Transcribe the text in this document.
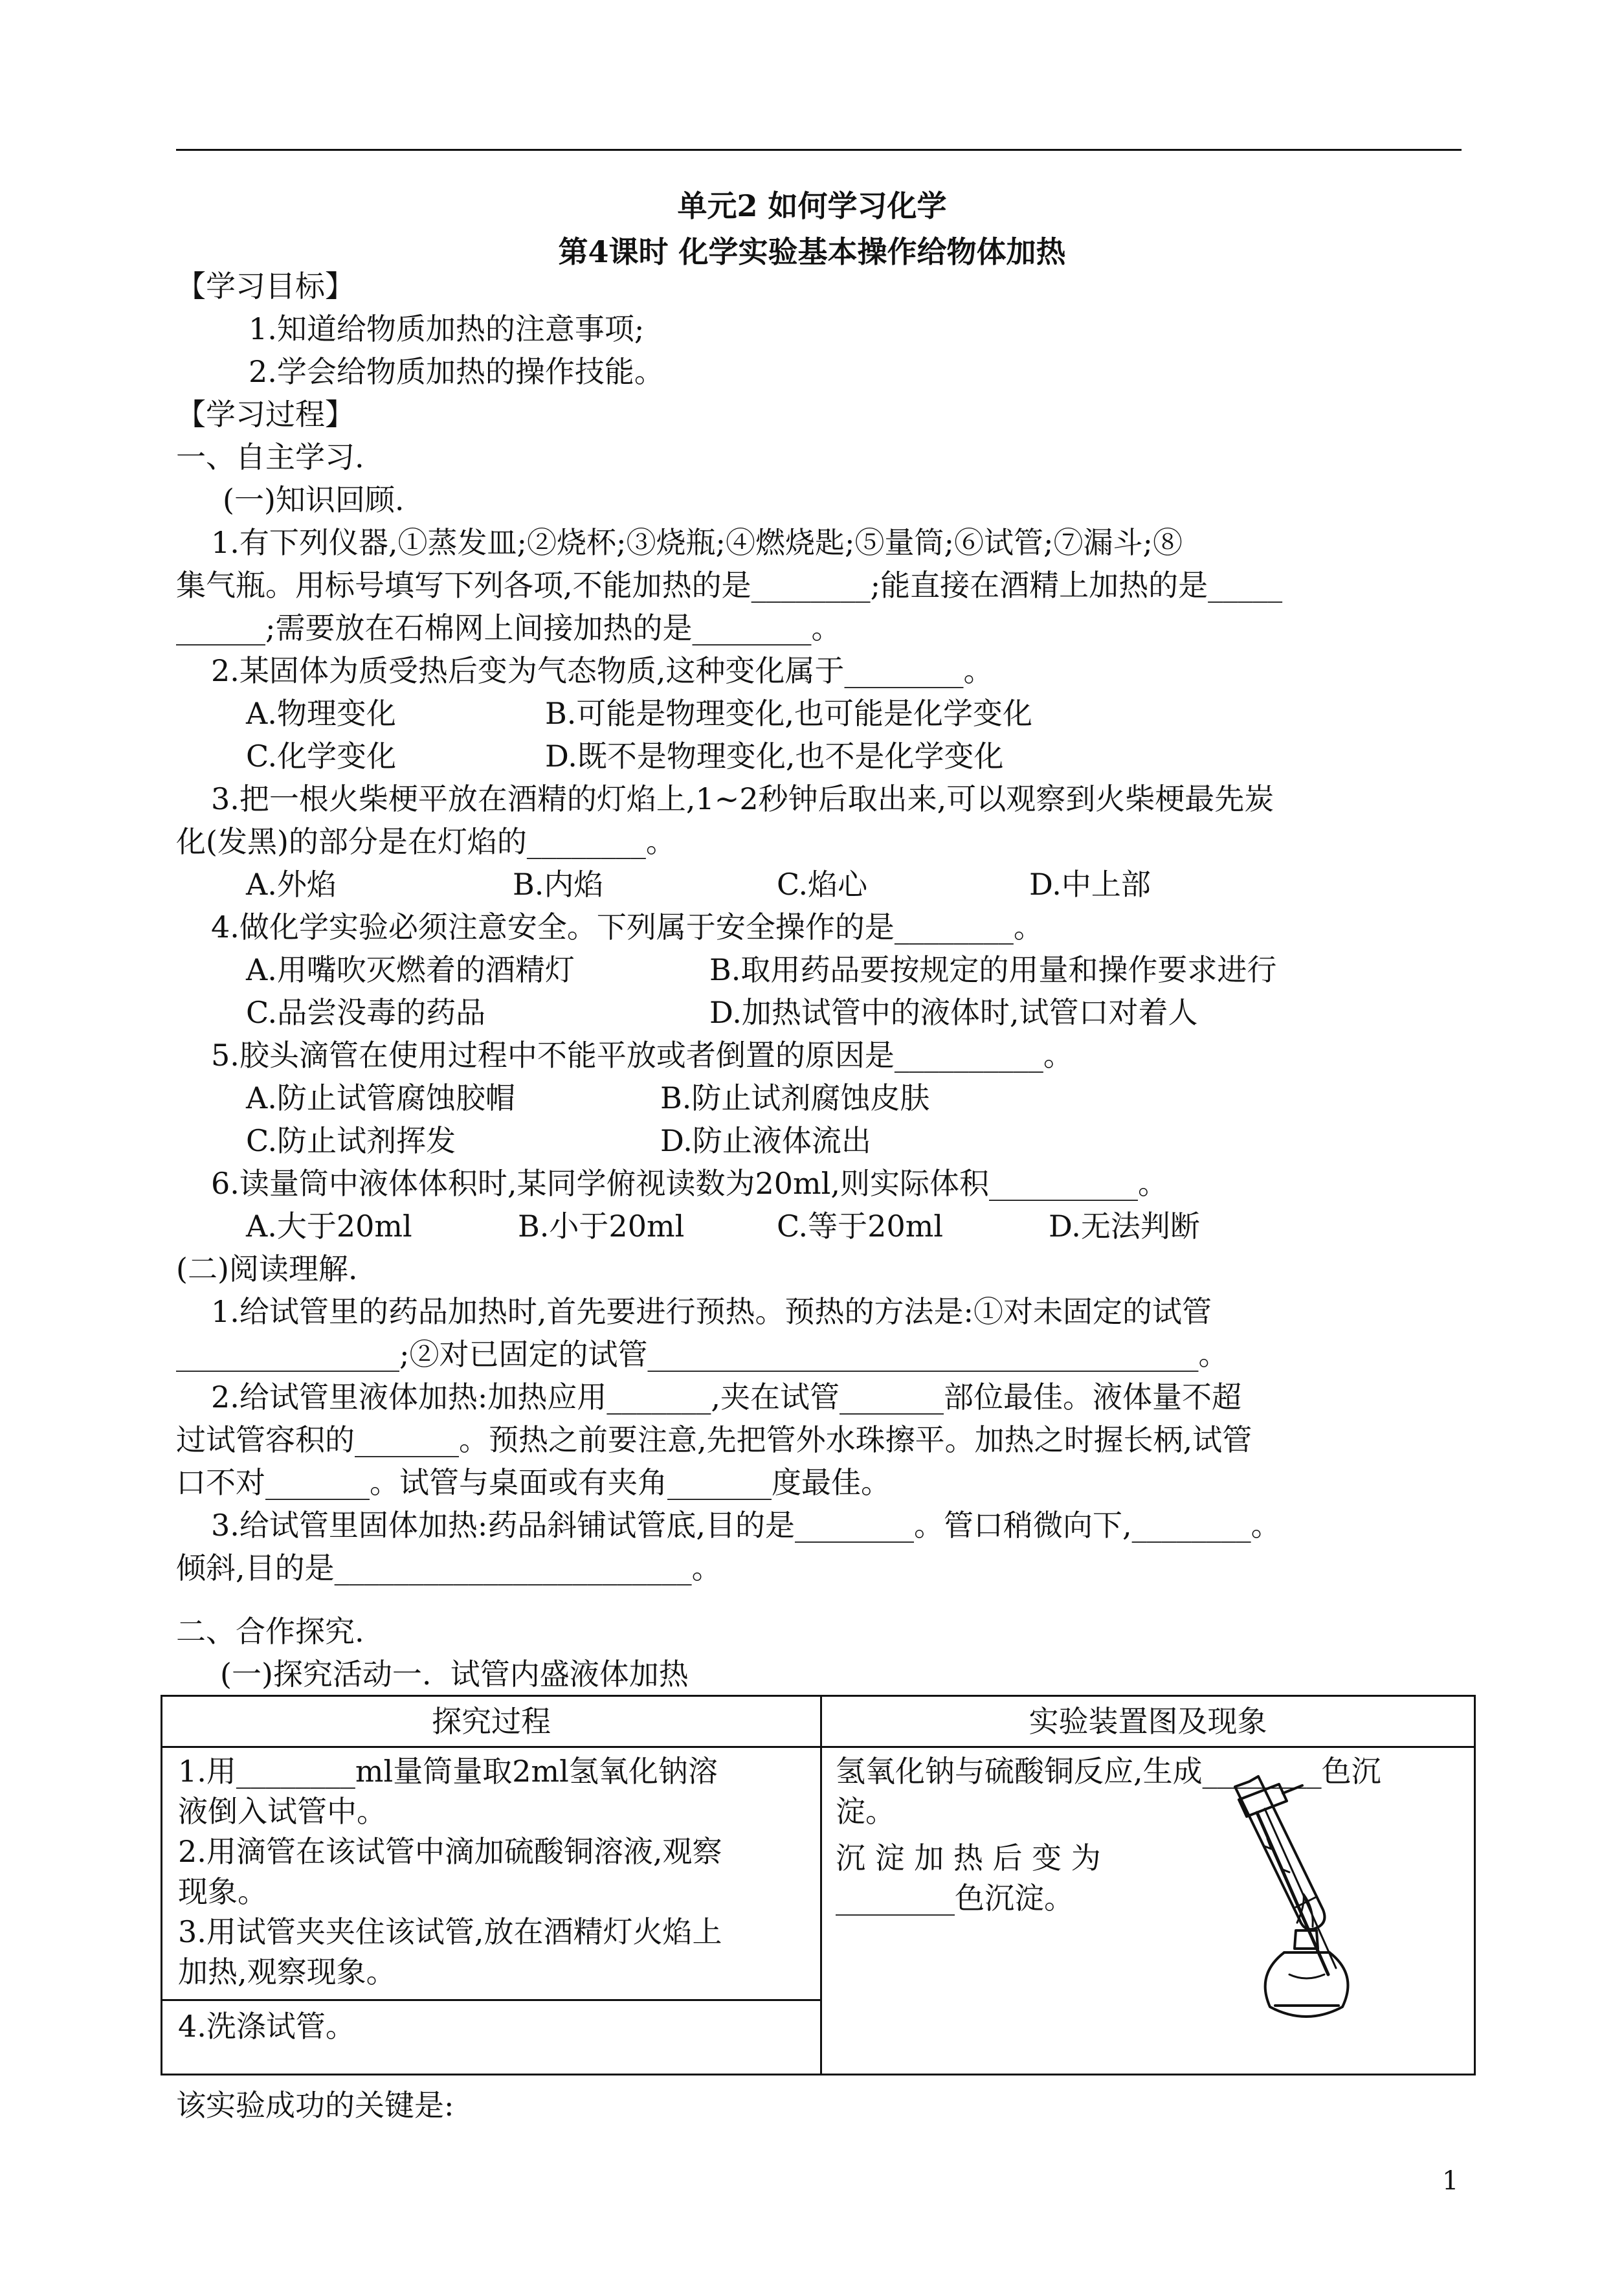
单元2 如何学习化学
第4课时 化学实验基本操作给物体加热
【学习目标】
1.知道给物质加热的注意事项;
2.学会给物质加热的操作技能。
【学习过程】
一、自主学习.
(一)知识回顾.
1.有下列仪器,①蒸发皿;②烧杯;③烧瓶;④燃烧匙;⑤量筒;⑥试管;⑦漏斗;⑧
集气瓶。用标号填写下列各项,不能加热的是________;能直接在酒精上加热的是_____
______;需要放在石棉网上间接加热的是________。
2.某固体为质受热后变为气态物质,这种变化属于________。
A.物理变化	B.可能是物理变化,也可能是化学变化
C.化学变化	D.既不是物理变化,也不是化学变化
3.把一根火柴梗平放在酒精的灯焰上,1~2秒钟后取出来,可以观察到火柴梗最先炭
化(发黑)的部分是在灯焰的________。
A.外焰	B.内焰	C.焰心	D.中上部
4.做化学实验必须注意安全。下列属于安全操作的是________。
A.用嘴吹灭燃着的酒精灯	B.取用药品要按规定的用量和操作要求进行
C.品尝没毒的药品	D.加热试管中的液体时,试管口对着人
5.胶头滴管在使用过程中不能平放或者倒置的原因是__________。
A.防止试管腐蚀胶帽	B.防止试剂腐蚀皮肤
C.防止试剂挥发	D.防止液体流出
6.读量筒中液体体积时,某同学俯视读数为20ml,则实际体积__________。
A.大于20ml	B.小于20ml	C.等于20ml	D.无法判断
(二)阅读理解.
1.给试管里的药品加热时,首先要进行预热。预热的方法是:①对未固定的试管
_______________;②对已固定的试管_____________________________________。
2.给试管里液体加热:加热应用_______,夹在试管_______部位最佳。液体量不超
过试管容积的_______。预热之前要注意,先把管外水珠擦平。加热之时握长柄,试管
口不对_______。试管与桌面或有夹角_______度最佳。
3.给试管里固体加热:药品斜铺试管底,目的是________。管口稍微向下,________。
倾斜,目的是________________________。
二、合作探究.
(一)探究活动一.  试管内盛液体加热
探究过程	实验装置图及现象
1.用________ml量筒量取2ml氢氧化钠溶
液倒入试管中。
2.用滴管在该试管中滴加硫酸铜溶液,观察
现象。
3.用试管夹夹住该试管,放在酒精灯火焰上
加热,观察现象。
4.洗涤试管。
氢氧化钠与硫酸铜反应,生成________色沉
淀。
沉 淀 加 热 后 变 为
________色沉淀。
该实验成功的关键是:
1
